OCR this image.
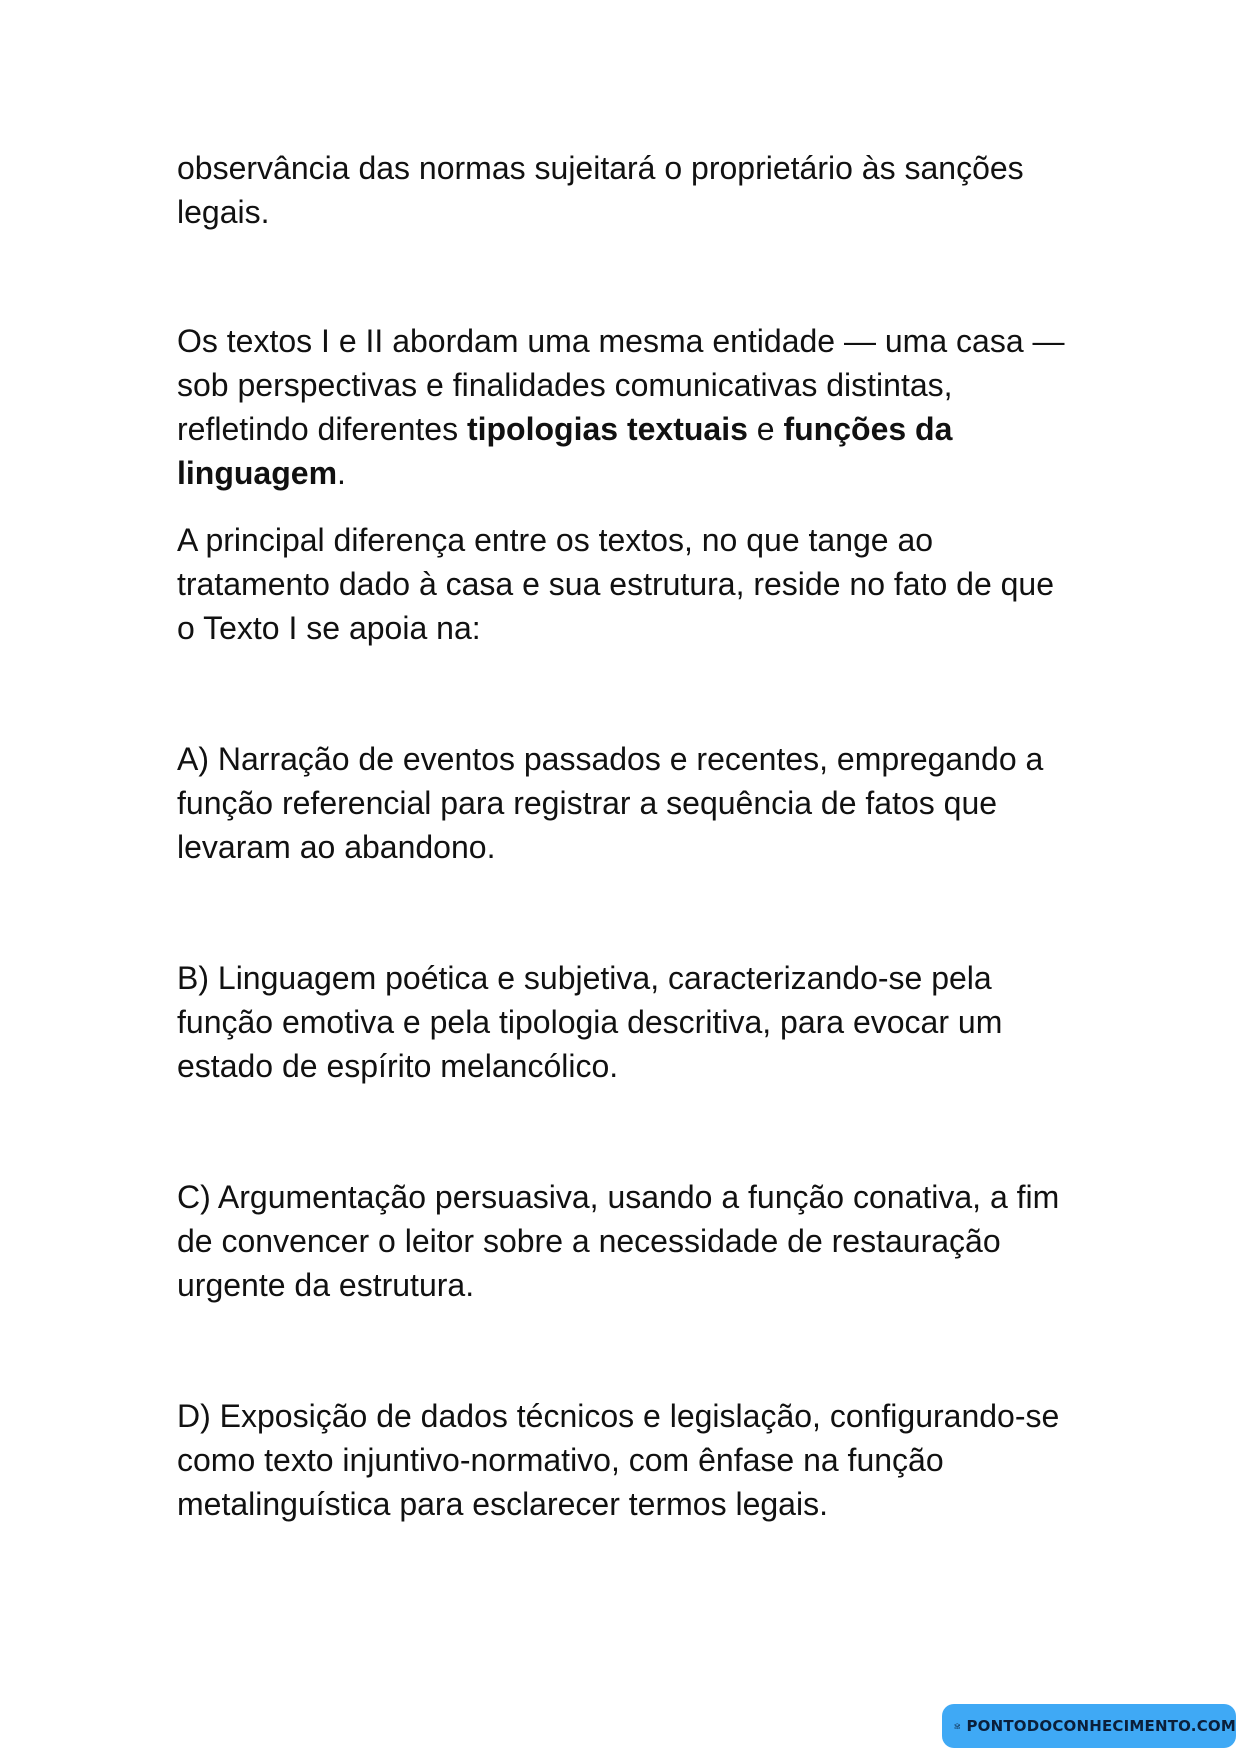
observância das normas sujeitará o proprietário às sanções legais.

Os textos I e II abordam uma mesma entidade — uma casa — sob perspectivas e finalidades comunicativas distintas, refletindo diferentes tipologias textuais e funções da linguagem.

A principal diferença entre os textos, no que tange ao tratamento dado à casa e sua estrutura, reside no fato de que o Texto I se apoia na:

A) Narração de eventos passados e recentes, empregando a função referencial para registrar a sequência de fatos que levaram ao abandono.

B) Linguagem poética e subjetiva, caracterizando-se pela função emotiva e pela tipologia descritiva, para evocar um estado de espírito melancólico.

C) Argumentação persuasiva, usando a função conativa, a fim de convencer o leitor sobre a necessidade de restauração urgente da estrutura.

D) Exposição de dados técnicos e legislação, configurando-se como texto injuntivo-normativo, com ênfase na função metalinguística para esclarecer termos legais.

PONTODOCONHECIMENTO.COM
